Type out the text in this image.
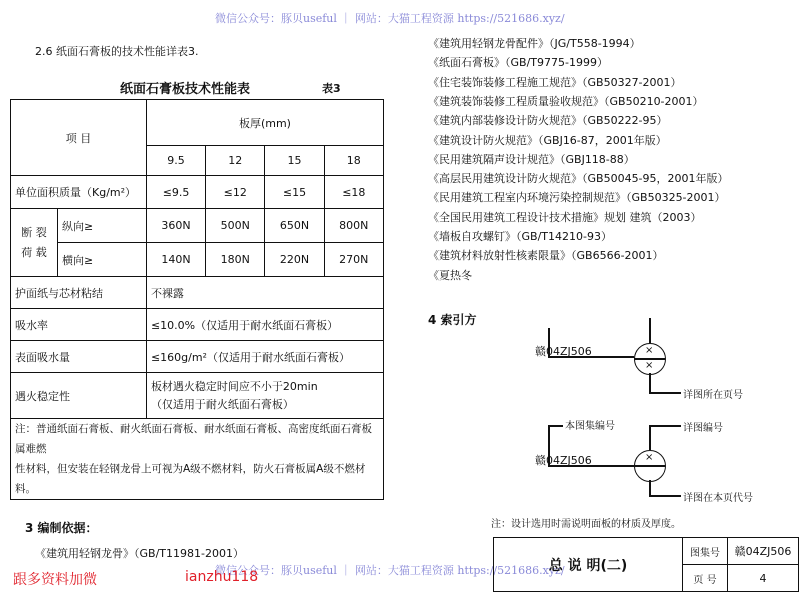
微信公众号：豚贝useful ｜ 网站：大猫工程资源 https://521686.xyz/
微信公众号：豚贝useful ｜ 网站：大猫工程资源 https://521686.xyz/
2.6 纸面石膏板的技术性能详表3.
纸面石膏板技术性能表	表3
项 目		板厚(mm)			
		9.5	12	15	18
单位面积质量（Kg/m²）		≤9.5	≤12	≤15	≤18
断 裂
荷 载	纵向≥	360N	500N	650N	800N
	横向≥	140N	180N	220N	270N
护面纸与芯材粘结		不裸露			
吸水率		≤10.0%（仅适用于耐水纸面石膏板）			
表面吸水量		≤160g/m²（仅适用于耐水纸面石膏板）			
遇火稳定性		板材遇火稳定时间应不小于20min
（仅适用于耐火纸面石膏板）			

注：普通纸面石膏板、耐火纸面石膏板、耐水纸面石膏板、高密度纸面石膏板属难燃
性材料，但安装在轻钢龙骨上可视为A级不燃材料，防火石膏板属A级不燃材料。					
3 编制依据：
《建筑用轻钢龙骨》（GB/T11981-2001）
跟多资料加微	ianzhu118
《建筑用轻钢龙骨配件》（JG/T558-1994）
《纸面石膏板》（GB/T9775-1999）
《住宅装饰装修工程施工规范》（GB50327-2001）
《建筑装饰装修工程质量验收规范》（GB50210-2001）
《建筑内部装修设计防火规范》（GB50222-95）
《建筑设计防火规范》（GBJ16-87，2001年版）
《民用建筑隔声设计规范》（GBJ118-88）
《高层民用建筑设计防火规范》（GB50045-95，2001年版）
《民用建筑工程室内环境污染控制规范》（GB50325-2001）
《全国民用建筑工程设计技术措施》规划 建筑（2003）
《墙板自攻螺钉》（GB/T14210-93）
《建筑材料放射性核素限量》（GB6566-2001）
《夏热冬
4 索引方
赣04ZJ506	×
×
详图所在页号
本图集编号
赣04ZJ506	×
详图编号
详图在本页代号
注：设计选用时需说明面板的材质及厚度。
总 说 明(二)	图集号	赣04ZJ506
	页 号	4
